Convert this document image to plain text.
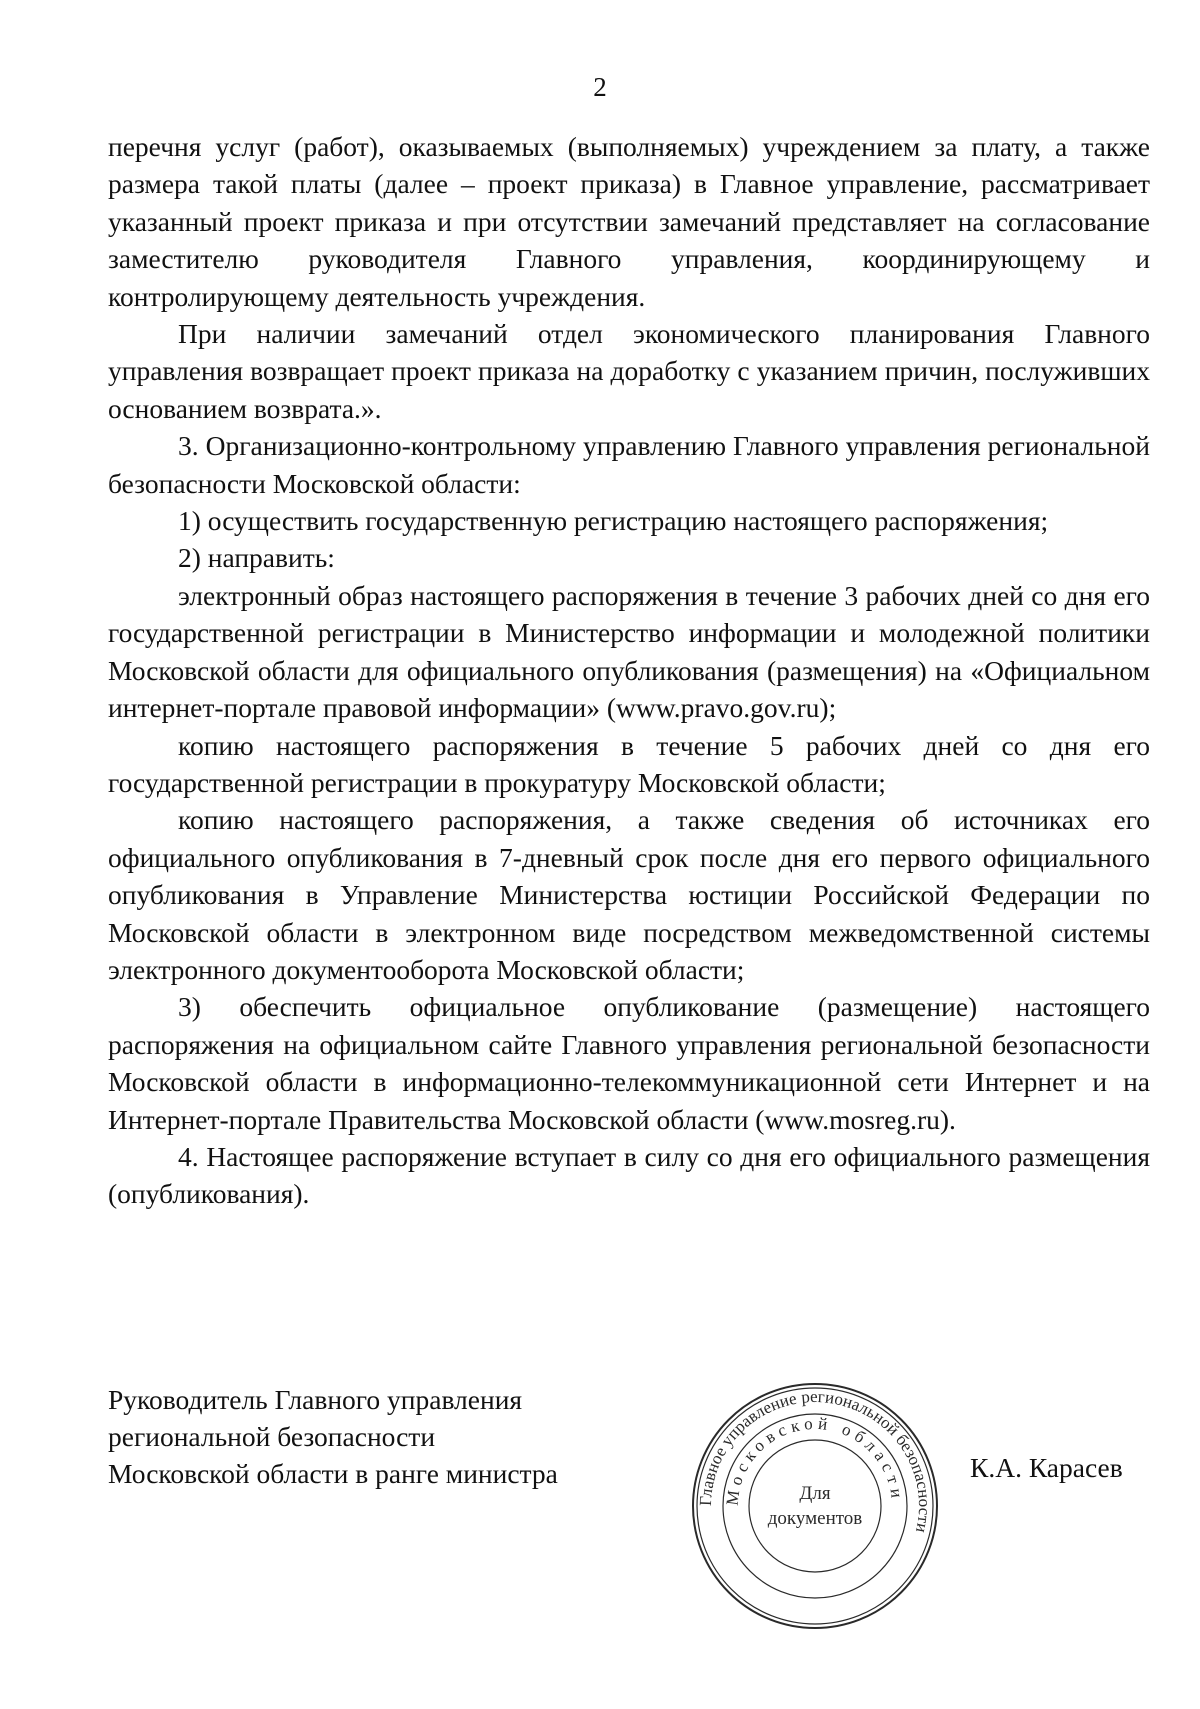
2

перечня услуг (работ), оказываемых (выполняемых) учреждением за плату, а также размера такой платы (далее – проект приказа) в Главное управление, рассматривает указанный проект приказа и при отсутствии замечаний представляет на согласование заместителю руководителя Главного управления, координирующему и контролирующему деятельность учреждения.

При наличии замечаний отдел экономического планирования Главного управления возвращает проект приказа на доработку с указанием причин, послуживших основанием возврата.».

3. Организационно-контрольному управлению Главного управления региональной безопасности Московской области:

1) осуществить государственную регистрацию настоящего распоряжения;

2) направить:

электронный образ настоящего распоряжения в течение 3 рабочих дней со дня его государственной регистрации в Министерство информации и молодежной политики Московской области для официального опубликования (размещения) на «Официальном интернет-портале правовой информации» (www.pravo.gov.ru);

копию настоящего распоряжения в течение 5 рабочих дней со дня его государственной регистрации в прокуратуру Московской области;

копию настоящего распоряжения, а также сведения об источниках его официального опубликования в 7-дневный срок после дня его первого официального опубликования в Управление Министерства юстиции Российской Федерации по Московской области в электронном виде посредством межведомственной системы электронного документооборота Московской области;

3) обеспечить официальное опубликование (размещение) настоящего распоряжения на официальном сайте Главного управления региональной безопасности Московской области в информационно-телекоммуникационной сети Интернет и на Интернет-портале Правительства Московской области (www.mosreg.ru).

4. Настоящее распоряжение вступает в силу со дня его официального размещения (опубликования).

Руководитель Главного управления
региональной безопасности
Московской области в ранге министра
Главное управление региональной безопасности
Московской области
Для
документов
К.А. Карасев
